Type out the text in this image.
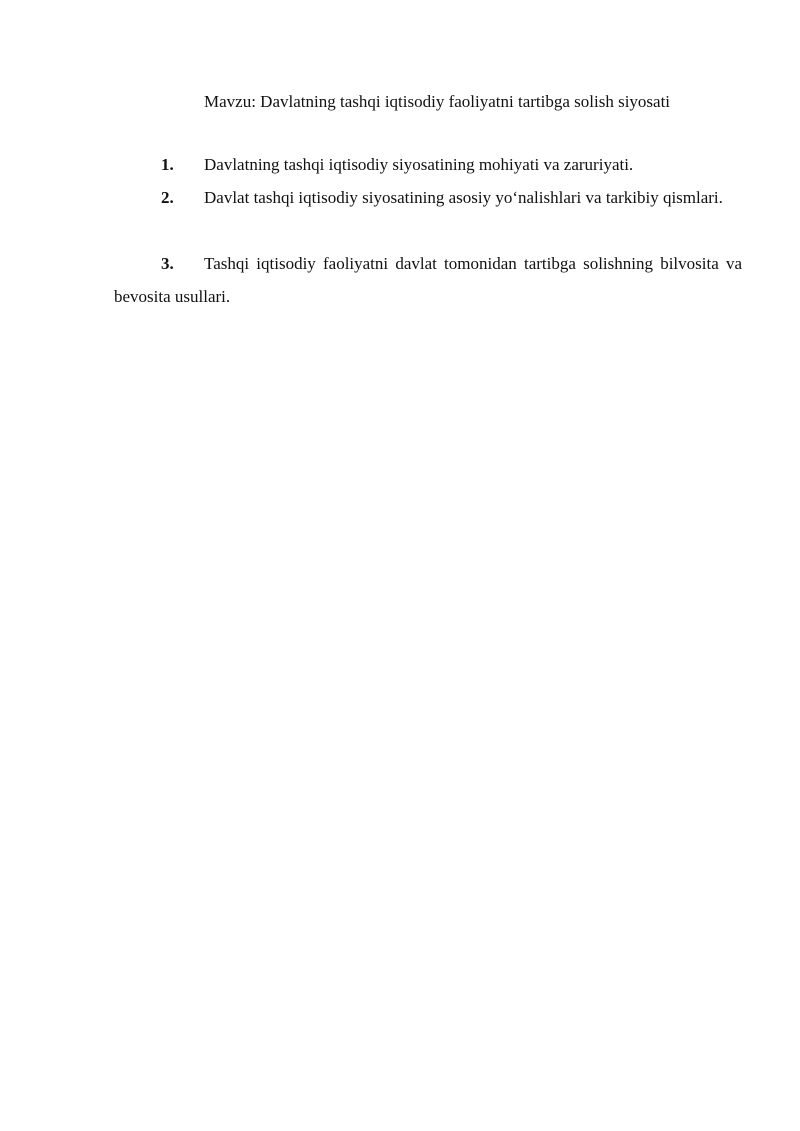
Mavzu: Davlatning tashqi iqtisodiy faoliyatni tartibga solish siyosati
1. Davlatning tashqi iqtisodiy siyosatining mohiyati va zaruriyati.
2. Davlat tashqi iqtisodiy siyosatining asosiy yo‘nalishlari va tarkibiy qismlari.
3. Tashqi iqtisodiy faoliyatni davlat tomonidan tartibga solishning bilvosita va bevosita usullari.
